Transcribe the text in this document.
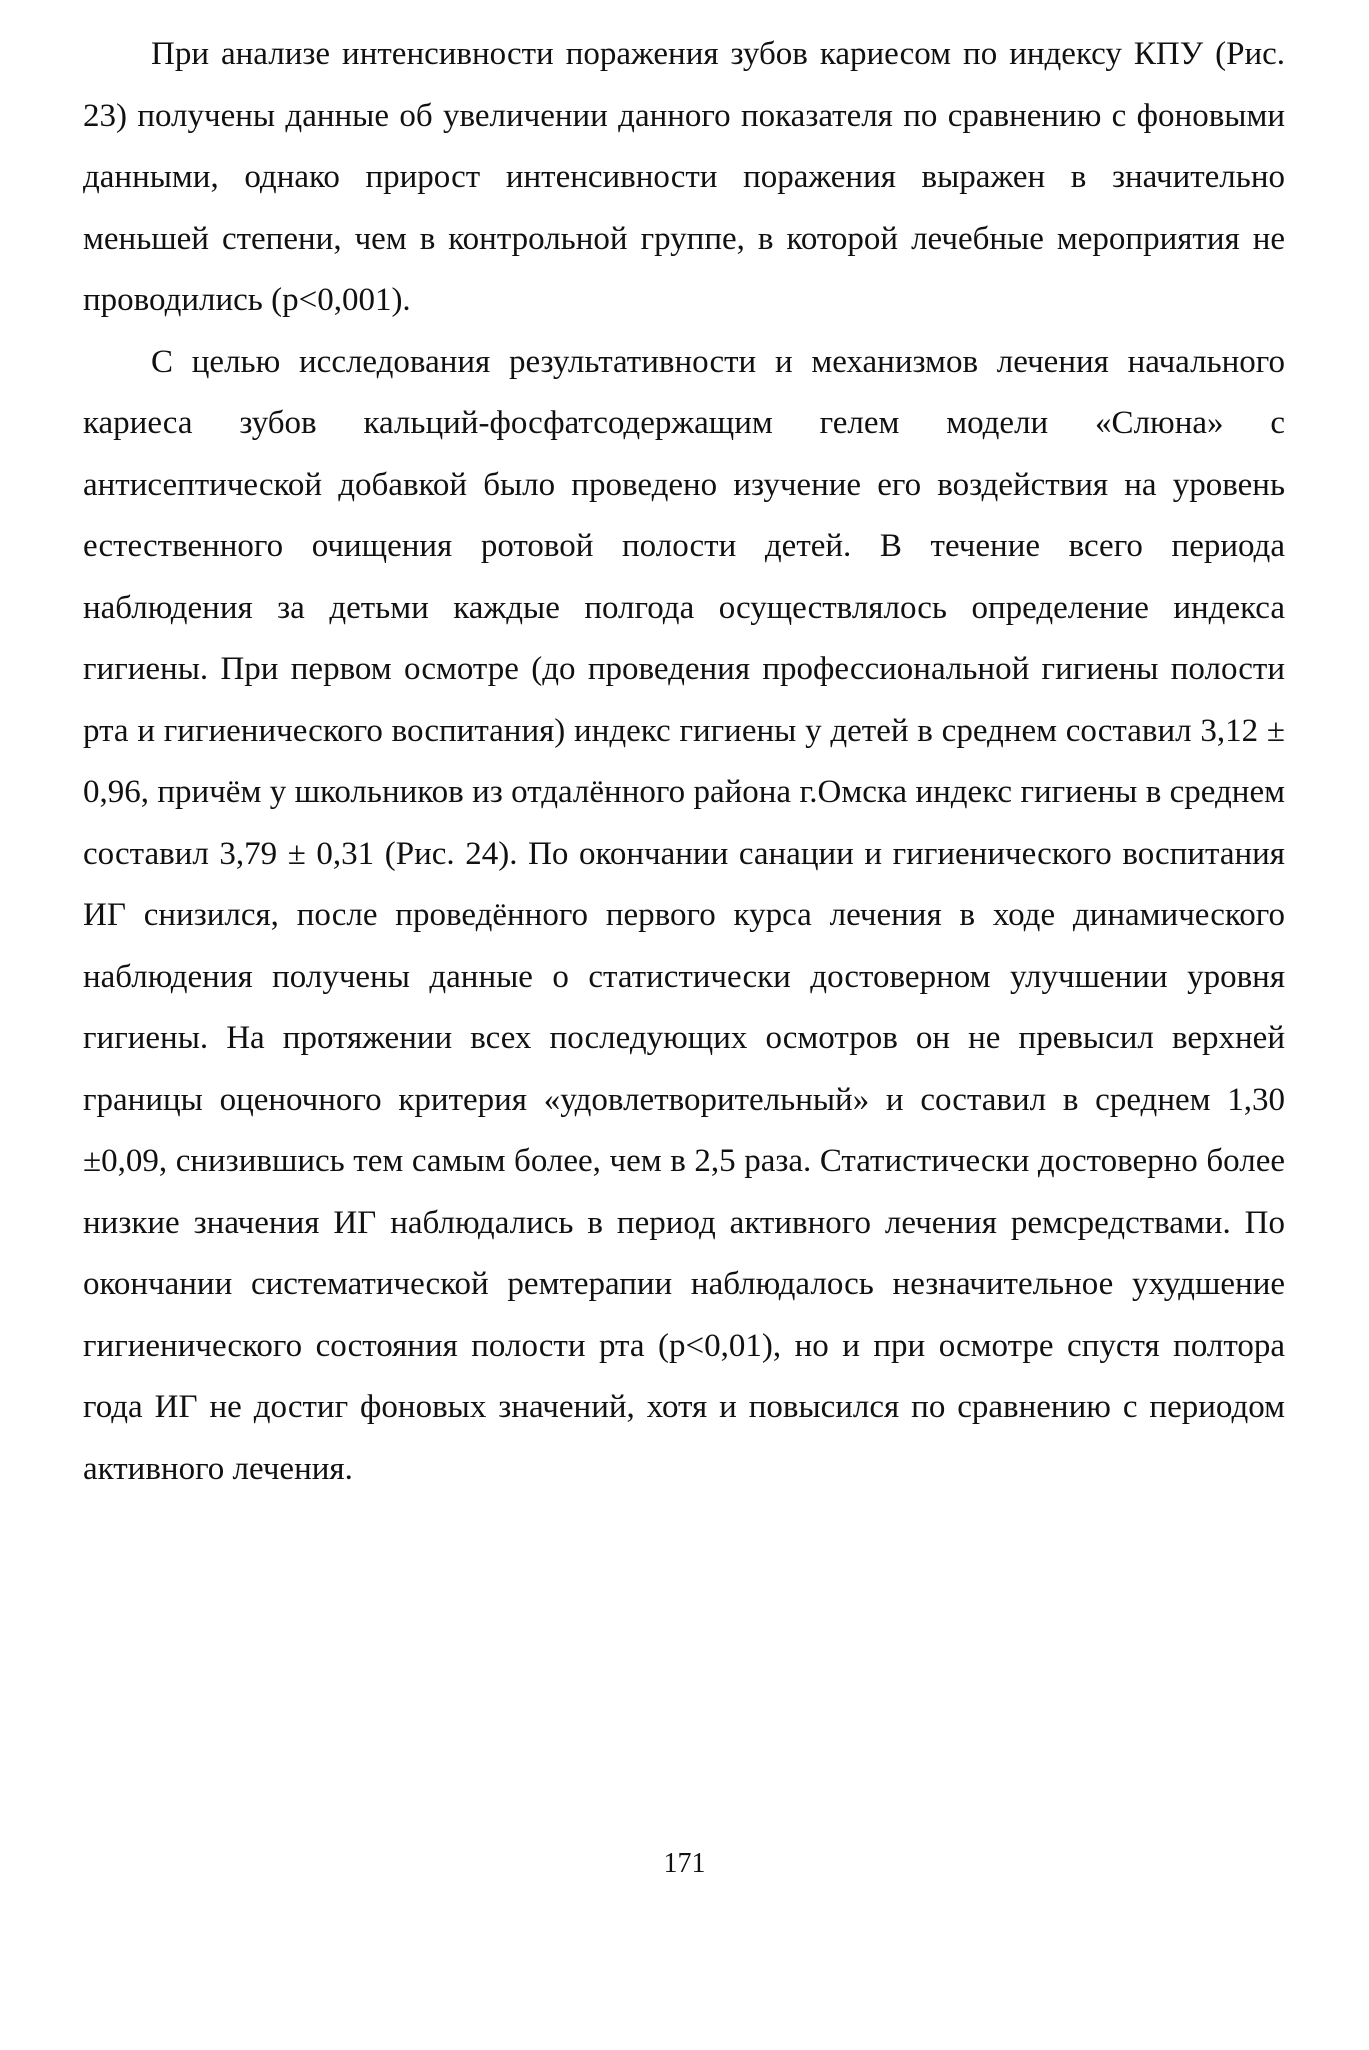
При анализе интенсивности поражения зубов кариесом по индексу КПУ (Рис. 23) получены данные об увеличении данного показателя по сравнению с фоновыми данными, однако прирост интенсивности поражения выражен в значительно меньшей степени, чем в контрольной группе, в которой лечебные мероприятия не проводились (р<0,001).

С целью исследования результативности и механизмов лечения начального кариеса зубов кальций-фосфатсодержащим гелем модели «Слюна» с антисептической добавкой было проведено изучение его воздействия на уровень естественного очищения ротовой полости детей. В течение всего периода наблюдения за детьми каждые полгода осуществлялось определение индекса гигиены. При первом осмотре (до проведения профессиональной гигиены полости рта и гигиенического воспитания) индекс гигиены у детей в среднем составил 3,12 ± 0,96, причём у школьников из отдалённого района г.Омска индекс гигиены в среднем составил 3,79 ± 0,31 (Рис. 24). По окончании санации и гигиенического воспитания ИГ снизился, после проведённого первого курса лечения в ходе динамического наблюдения получены данные о статистически достоверном улучшении уровня гигиены. На протяжении всех последующих осмотров он не превысил верхней границы оценочного критерия «удовлетворительный» и составил в среднем 1,30 ±0,09, снизившись тем самым более, чем в 2,5 раза. Статистически достоверно более низкие значения ИГ наблюдались в период активного лечения ремсредствами. По окончании систематической ремтерапии наблюдалось незначительное ухудшение гигиенического состояния полости рта (р<0,01), но и при осмотре спустя полтора года ИГ не достиг фоновых значений, хотя и повысился по сравнению с периодом активного лечения.

171
